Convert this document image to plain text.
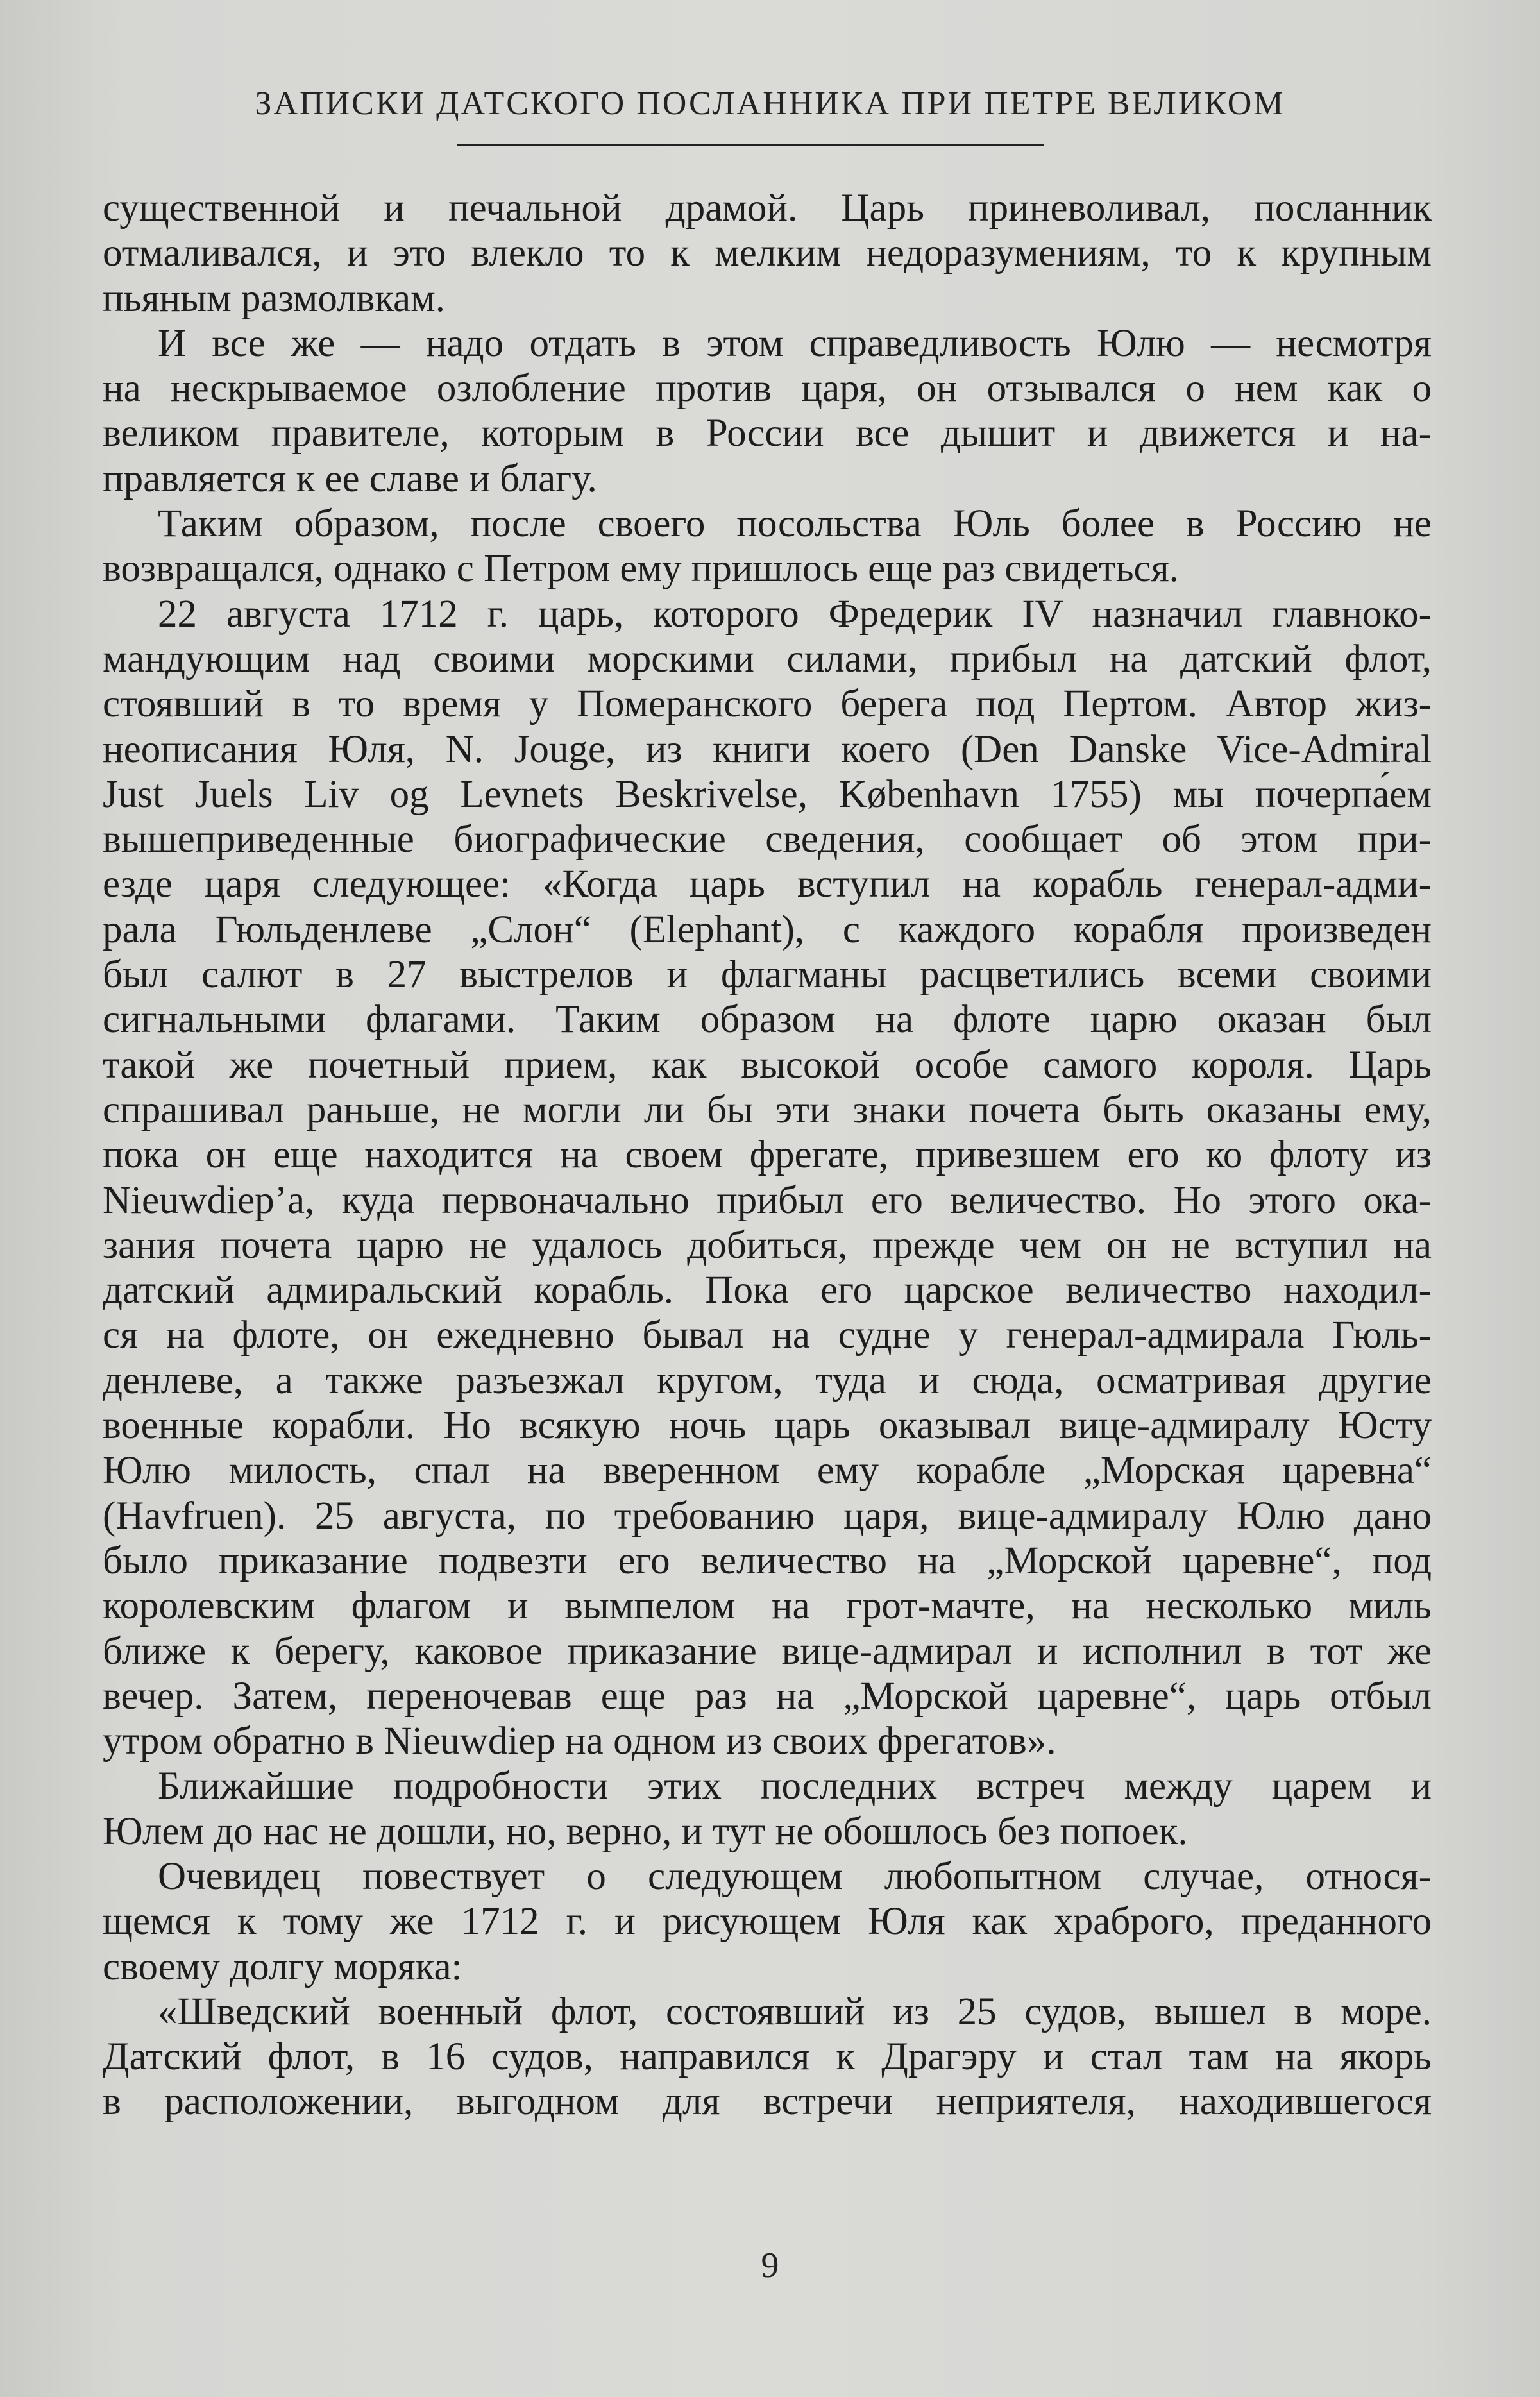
ЗАПИСКИ ДАТСКОГО ПОСЛАННИКА ПРИ ПЕТРЕ ВЕЛИКОМ
существенной и печальной драмой. Царь приневоливал, посланник
отмаливался, и это влекло то к мелким недоразумениям, то к крупным
пьяным размолвкам.
И все же — надо отдать в этом справедливость Юлю — несмотря
на нескрываемое озлобление против царя, он отзывался о нем как о
великом правителе, которым в России все дышит и движется и на-
правляется к ее славе и благу.
Таким образом, после своего посольства Юль более в Россию не
возвращался, однако с Петром ему пришлось еще раз свидеться.
22 августа 1712 г. царь, которого Фредерик IV назначил главноко-
мандующим над своими морскими силами, прибыл на датский флот,
стоявший в то время у Померанского берега под Пертом. Автор жиз-
неописания Юля, N. Jouge, из книги коего (Den Danske Vice-Admiral
Just Juels Liv og Levnets Beskrivelse, København 1755) мы почерпа́ем
вышеприведенные биографические сведения, сообщает об этом при-
езде царя следующее: «Когда царь вступил на корабль генерал-адми-
рала Гюльденлеве „Слон“ (Elephant), с каждого корабля произведен
был салют в 27 выстрелов и флагманы расцветились всеми своими
сигнальными флагами. Таким образом на флоте царю оказан был
такой же почетный прием, как высокой особе самого короля. Царь
спрашивал раньше, не могли ли бы эти знаки почета быть оказаны ему,
пока он еще находится на своем фрегате, привезшем его ко флоту из
Nieuwdiep’a, куда первоначально прибыл его величество. Но этого ока-
зания почета царю не удалось добиться, прежде чем он не вступил на
датский адмиральский корабль. Пока его царское величество находил-
ся на флоте, он ежедневно бывал на судне у генерал-адмирала Гюль-
денлеве, а также разъезжал кругом, туда и сюда, осматривая другие
военные корабли. Но всякую ночь царь оказывал вице-адмиралу Юсту
Юлю милость, спал на вверенном ему корабле „Морская царевна“
(Havfruen). 25 августа, по требованию царя, вице-адмиралу Юлю дано
было приказание подвезти его величество на „Морской царевне“, под
королевским флагом и вымпелом на грот-мачте, на несколько миль
ближе к берегу, каковое приказание вице-адмирал и исполнил в тот же
вечер. Затем, переночевав еще раз на „Морской царевне“, царь отбыл
утром обратно в Nieuwdiep на одном из своих фрегатов».
Ближайшие подробности этих последних встреч между царем и
Юлем до нас не дошли, но, верно, и тут не обошлось без попоек.
Очевидец повествует о следующем любопытном случае, относя-
щемся к тому же 1712 г. и рисующем Юля как храброго, преданного
своему долгу моряка:
«Шведский военный флот, состоявший из 25 судов, вышел в море.
Датский флот, в 16 судов, направился к Драгэру и стал там на якорь
в расположении, выгодном для встречи неприятеля, находившегося
9
